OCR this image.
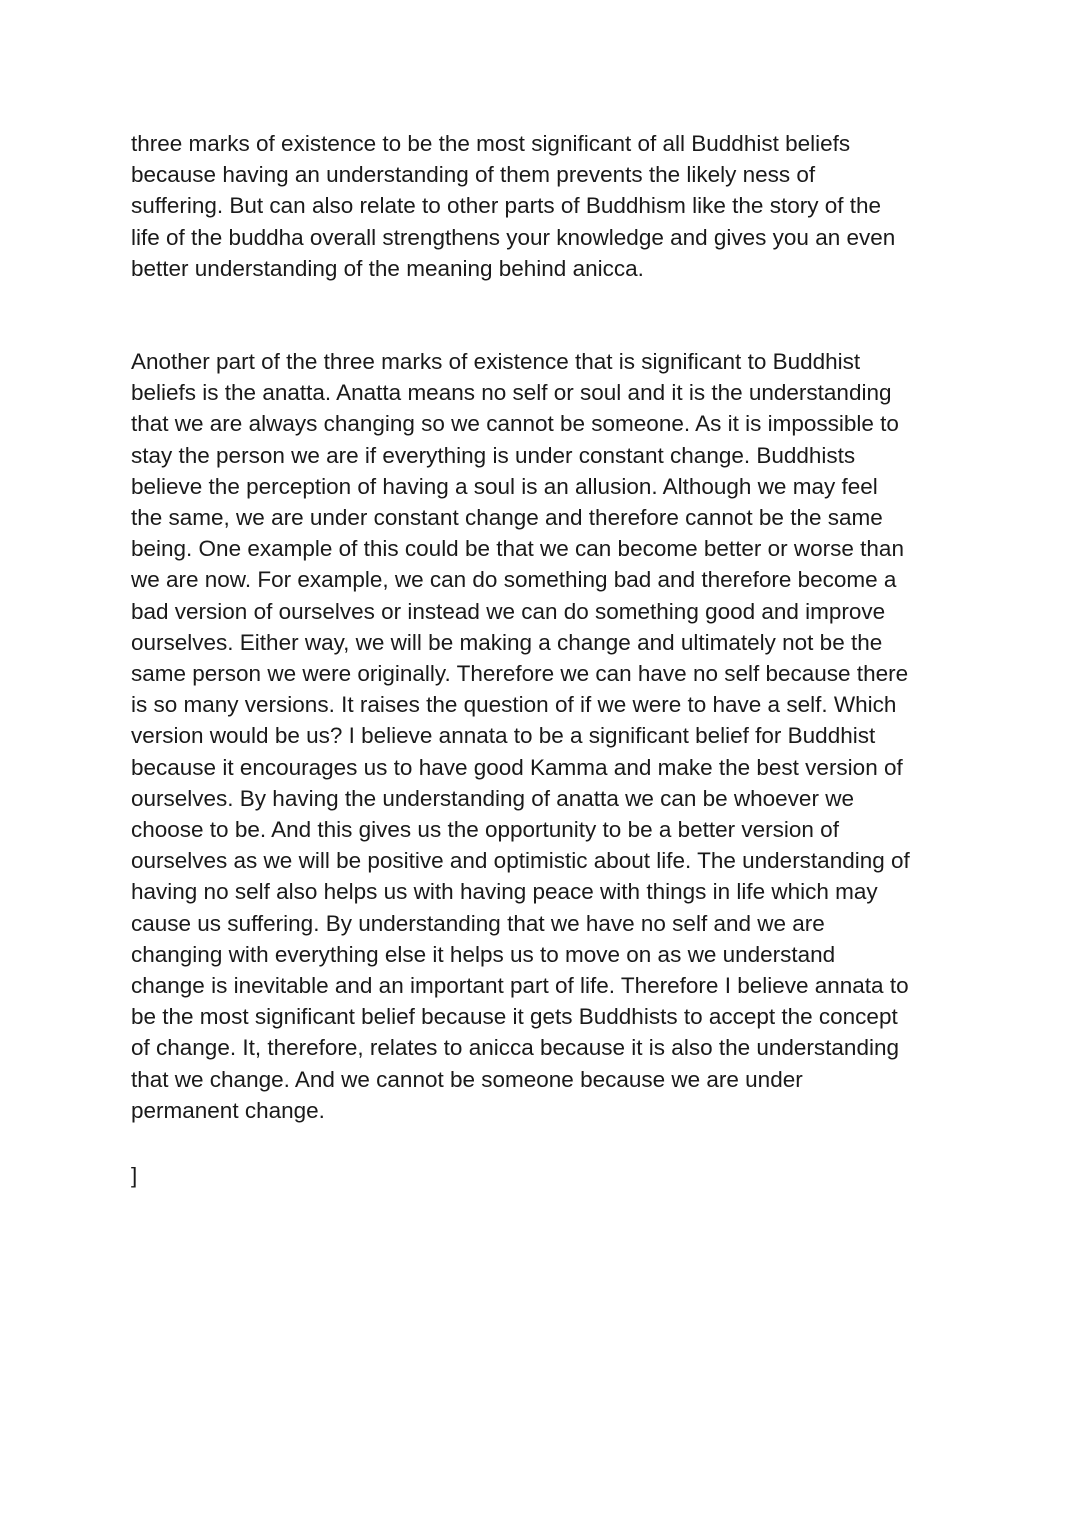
three marks of existence to be the most significant of all Buddhist beliefs
because having an understanding of them prevents the likely ness of
suffering. But can also relate to other parts of Buddhism like the story of the
life of the buddha overall strengthens your knowledge and gives you an even
better understanding of the meaning behind anicca.

Another part of the three marks of existence that is significant to Buddhist
beliefs is the anatta. Anatta means no self or soul and it is the understanding
that we are always changing so we cannot be someone. As it is impossible to
stay the person we are if everything is under constant change. Buddhists
believe the perception of having a soul is an allusion. Although we may feel
the same, we are under constant change and therefore cannot be the same
being. One example of this could be that we can become better or worse than
we are now. For example, we can do something bad and therefore become a
bad version of ourselves or instead we can do something good and improve
ourselves. Either way, we will be making a change and ultimately not be the
same person we were originally. Therefore we can have no self because there
is so many versions. It raises the question of if we were to have a self. Which
version would be us? I believe annata to be a significant belief for Buddhist
because it encourages us to have good Kamma and make the best version of
ourselves. By having the understanding of anatta we can be whoever we
choose to be. And this gives us the opportunity to be a better version of
ourselves as we will be positive and optimistic about life. The understanding of
having no self also helps us with having peace with things in life which may
cause us suffering. By understanding that we have no self and we are
changing with everything else it helps us to move on as we understand
change is inevitable and an important part of life. Therefore I believe annata to
be the most significant belief because it gets Buddhists to accept the concept
of change. It, therefore, relates to anicca because it is also the understanding
that we change. And we cannot be someone because we are under
permanent change.

]
